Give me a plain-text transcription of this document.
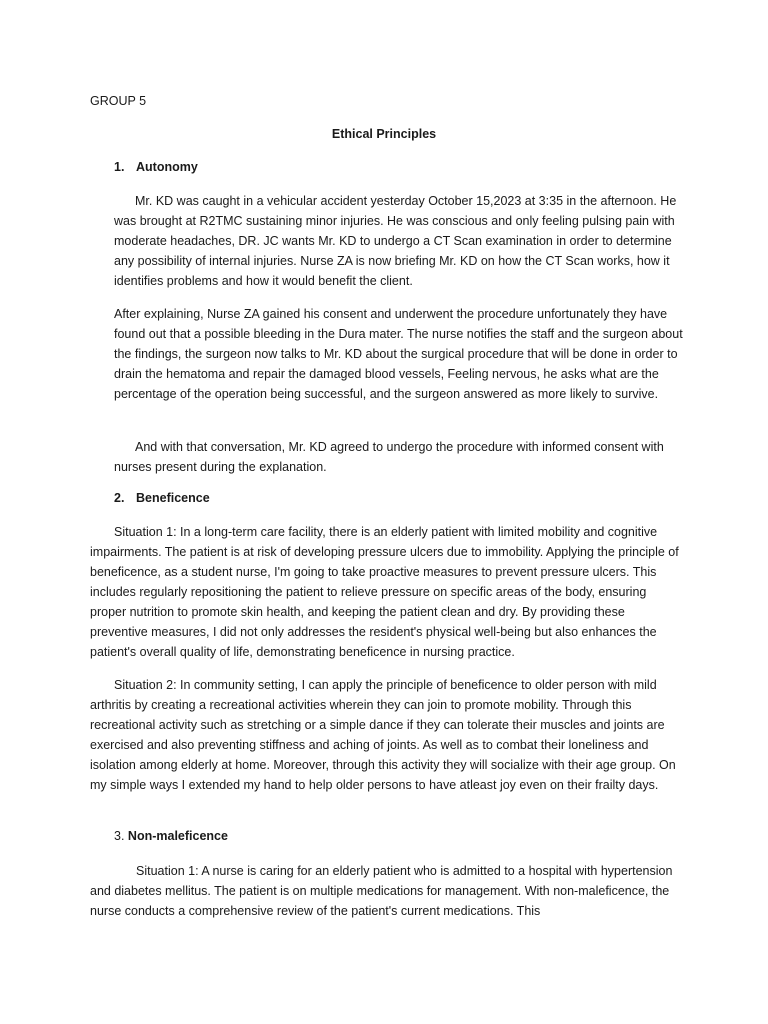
GROUP 5
Ethical Principles
1. Autonomy

Mr. KD was caught in a vehicular accident yesterday October 15,2023 at 3:35 in the afternoon. He was brought at R2TMC sustaining minor injuries. He was conscious and only feeling pulsing pain with moderate headaches, DR. JC wants Mr. KD to undergo a CT Scan examination in order to determine any possibility of internal injuries. Nurse ZA is now briefing Mr. KD on how the CT Scan works, how it identifies problems and how it would benefit the client.

After explaining, Nurse ZA gained his consent and underwent the procedure unfortunately they have found out that a possible bleeding in the Dura mater. The nurse notifies the staff and the surgeon about the findings, the surgeon now talks to Mr. KD about the surgical procedure that will be done in order to drain the hematoma and repair the damaged blood vessels, Feeling nervous, he asks what are the percentage of the operation being successful, and the surgeon answered as more likely to survive.

And with that conversation, Mr. KD agreed to undergo the procedure with informed consent with nurses present during the explanation.

2. Beneficence

Situation 1: In a long-term care facility, there is an elderly patient with limited mobility and cognitive impairments. The patient is at risk of developing pressure ulcers due to immobility. Applying the principle of beneficence, as a student nurse, I'm going to take proactive measures to prevent pressure ulcers. This includes regularly repositioning the patient to relieve pressure on specific areas of the body, ensuring proper nutrition to promote skin health, and keeping the patient clean and dry. By providing these preventive measures, I did not only addresses the resident's physical well-being but also enhances the patient's overall quality of life, demonstrating beneficence in nursing practice.

Situation 2: In community setting, I can apply the principle of beneficence to older person with mild arthritis by creating a recreational activities wherein they can join to promote mobility. Through this recreational activity such as stretching or a simple dance if they can tolerate their muscles and joints are exercised and also preventing stiffness and aching of joints. As well as to combat their loneliness and isolation among elderly at home. Moreover, through this activity they will socialize with their age group. On my simple ways I extended my hand to help older persons to have atleast joy even on their frailty days.

3. Non-maleficence

Situation 1: A nurse is caring for an elderly patient who is admitted to a hospital with hypertension and diabetes mellitus. The patient is on multiple medications for management. With non-maleficence, the nurse conducts a comprehensive review of the patient's current medications. This
